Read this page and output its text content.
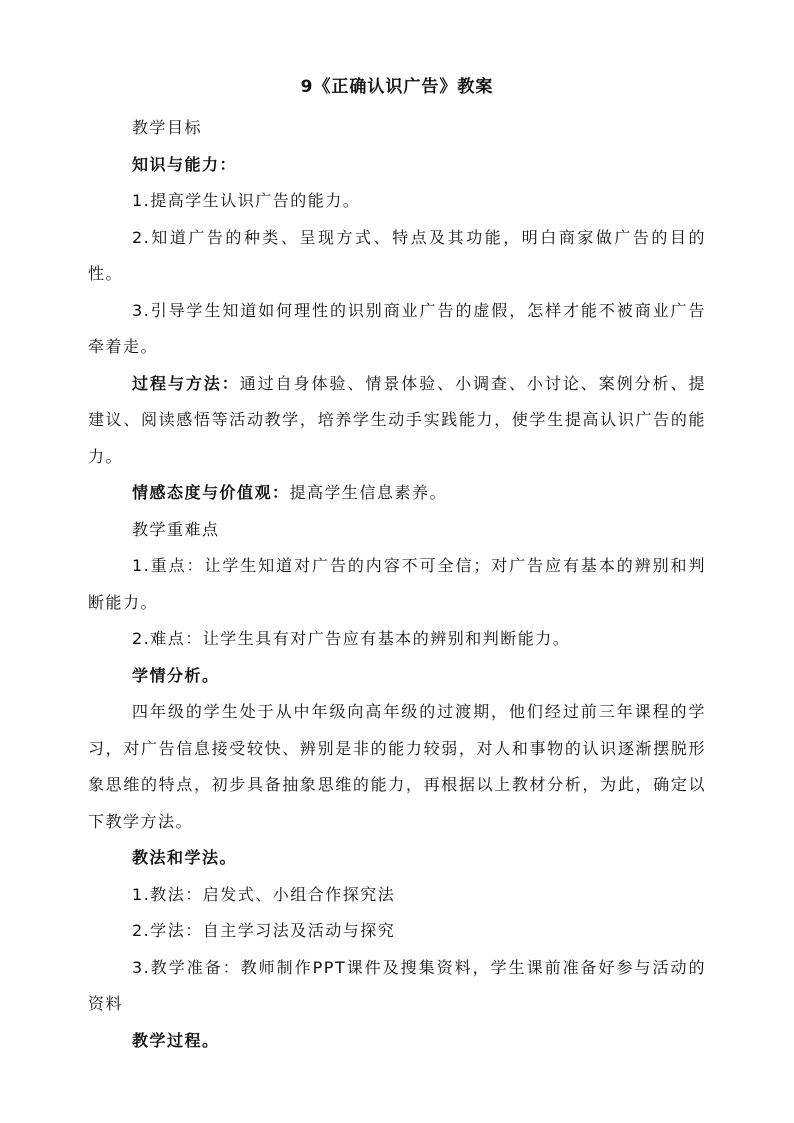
9《正确认识广告》教案

教学目标

知识与能力：

1.提高学生认识广告的能力。

2.知道广告的种类、呈现方式、特点及其功能，明白商家做广告的目的性。

3.引导学生知道如何理性的识别商业广告的虚假，怎样才能不被商业广告牵着走。

过程与方法：通过自身体验、情景体验、小调查、小讨论、案例分析、提建议、阅读感悟等活动教学，培养学生动手实践能力，使学生提高认识广告的能力。

情感态度与价值观：提高学生信息素养。

教学重难点

1.重点：让学生知道对广告的内容不可全信；对广告应有基本的辨别和判断能力。

2.难点：让学生具有对广告应有基本的辨别和判断能力。

学情分析。

四年级的学生处于从中年级向高年级的过渡期，他们经过前三年课程的学习，对广告信息接受较快、辨别是非的能力较弱，对人和事物的认识逐渐摆脱形象思维的特点，初步具备抽象思维的能力，再根据以上教材分析，为此，确定以下教学方法。

教法和学法。

1.教法：启发式、小组合作探究法

2.学法：自主学习法及活动与探究

3.教学准备：教师制作PPT课件及搜集资料，学生课前准备好参与活动的资料

教学过程。
